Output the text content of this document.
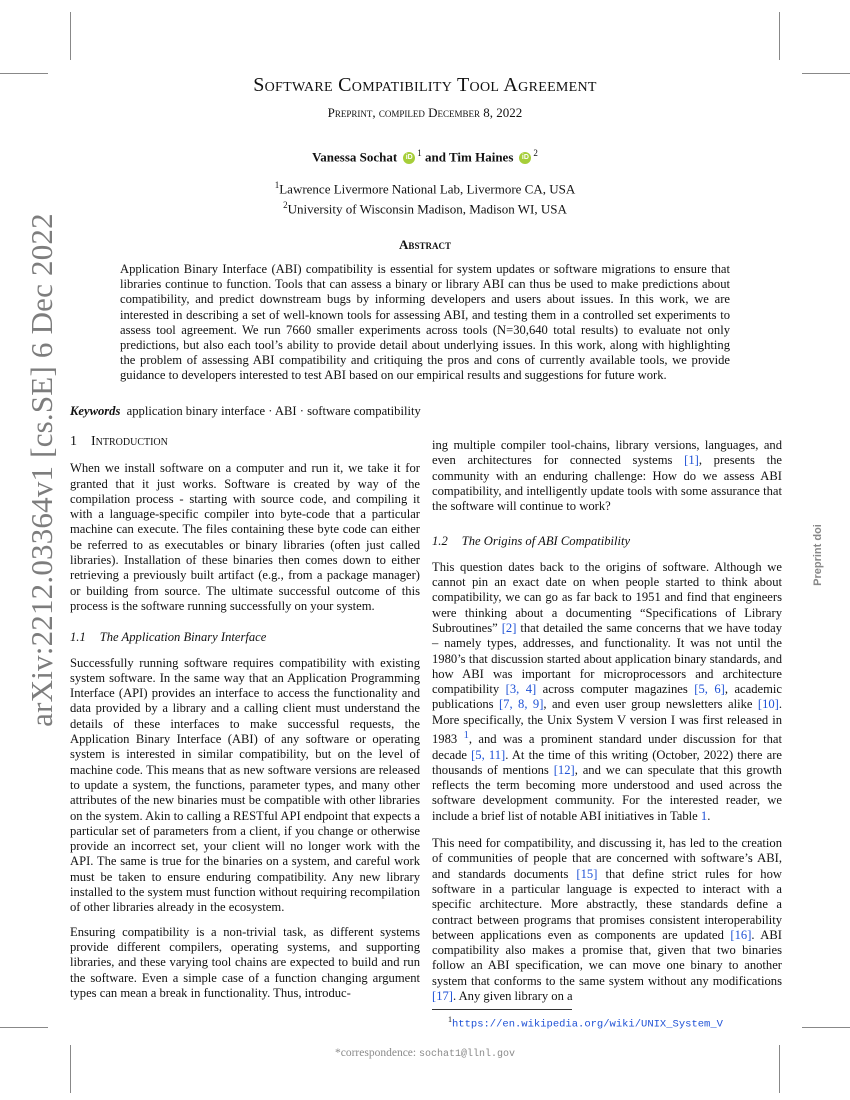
arXiv:2212.03364v1 [cs.SE] 6 Dec 2022	Preprint doi
Software Compatibility Tool Agreement
Preprint, compiled December 8, 2022
Vanessa Sochat iD $^1$ and Tim Haines iD $^2$
$^1$Lawrence Livermore National Lab, Livermore CA, USA
$^2$University of Wisconsin Madison, Madison WI, USA
Abstract
Application Binary Interface (ABI) compatibility is essential for system updates or software migrations to ensure that libraries continue to function. Tools that can assess a binary or library ABI can thus be used to make predictions about compatibility, and predict downstream bugs by informing developers and users about issues. In this work, we are interested in describing a set of well-known tools for assessing ABI, and testing them in a controlled set experiments to assess tool agreement. We run 7660 smaller experiments across tools (N=30,640 total results) to evaluate not only predictions, but also each tool’s ability to provide detail about underlying issues. In this work, along with highlighting the problem of assessing ABI compatibility and critiquing the pros and cons of currently available tools, we provide guidance to developers interested to test ABI based on our empirical results and suggestions for future work.
Keywords application binary interface · ABI · software compatibility
1 Introduction

When we install software on a computer and run it, we take it for granted that it just works. Software is created by way of the compilation process - starting with source code, and compiling it with a language-specific compiler into byte-code that a particular machine can execute. The files containing these byte code can either be referred to as executables or binary libraries (often just called libraries). Installation of these binaries then comes down to either retrieving a previously built artifact (e.g., from a package manager) or building from source. The ultimate successful outcome of this process is the software running successfully on your system.

1.1 The Application Binary Interface

Successfully running software requires compatibility with existing system software. In the same way that an Application Programming Interface (API) provides an interface to access the functionality and data provided by a library and a calling client must understand the details of these interfaces to make successful requests, the Application Binary Interface (ABI) of any software or operating system is interested in similar compatibility, but on the level of machine code. This means that as new software versions are released to update a system, the functions, parameter types, and many other attributes of the new binaries must be compatible with other libraries on the system. Akin to calling a RESTful API endpoint that expects a particular set of parameters from a client, if you change or otherwise provide an incorrect set, your client will no longer work with the API. The same is true for the binaries on a system, and careful work must be taken to ensure enduring compatibility. Any new library installed to the system must function without requiring recompilation of other libraries already in the ecosystem.

Ensuring compatibility is a non-trivial task, as different systems provide different compilers, operating systems, and supporting libraries, and these varying tool chains are expected to build and run the software. Even a simple case of a function changing argument types can mean a break in functionality. Thus, introduc-

ing multiple compiler tool-chains, library versions, languages, and even architectures for connected systems [1], presents the community with an enduring challenge: How do we assess ABI compatibility, and intelligently update tools with some assurance that the software will continue to work?

1.2 The Origins of ABI Compatibility

This question dates back to the origins of software. Although we cannot pin an exact date on when people started to think about compatibility, we can go as far back to 1951 and find that engineers were thinking about a documenting “Specifications of Library Subroutines” [2] that detailed the same concerns that we have today – namely types, addresses, and functionality. It was not until the 1980’s that discussion started about application binary standards, and how ABI was important for microprocessors and architecture compatibility [3, 4] across computer magazines [5, 6], academic publications [7, 8, 9], and even user group newsletters alike [10]. More specifically, the Unix System V version I was first released in 1983 $^1$, and was a prominent standard under discussion for that decade [5, 11]. At the time of this writing (October, 2022) there are thousands of mentions [12], and we can speculate that this growth reflects the term becoming more understood and used across the software development community. For the interested reader, we include a brief list of notable ABI initiatives in Table 1.

This need for compatibility, and discussing it, has led to the creation of communities of people that are concerned with software’s ABI, and standards documents [15] that define strict rules for how software in a particular language is expected to interact with a specific architecture. More abstractly, these standards define a contract between programs that promises consistent interoperability between applications even as components are updated [16]. ABI compatibility also makes a promise that, given that two binaries follow an ABI specification, we can move one binary to another system that conforms to the same system without any modifications [17]. Any given library on a

$^1$https://en.wikipedia.org/wiki/UNIX_System_V
*correspondence: sochat1@llnl.gov
